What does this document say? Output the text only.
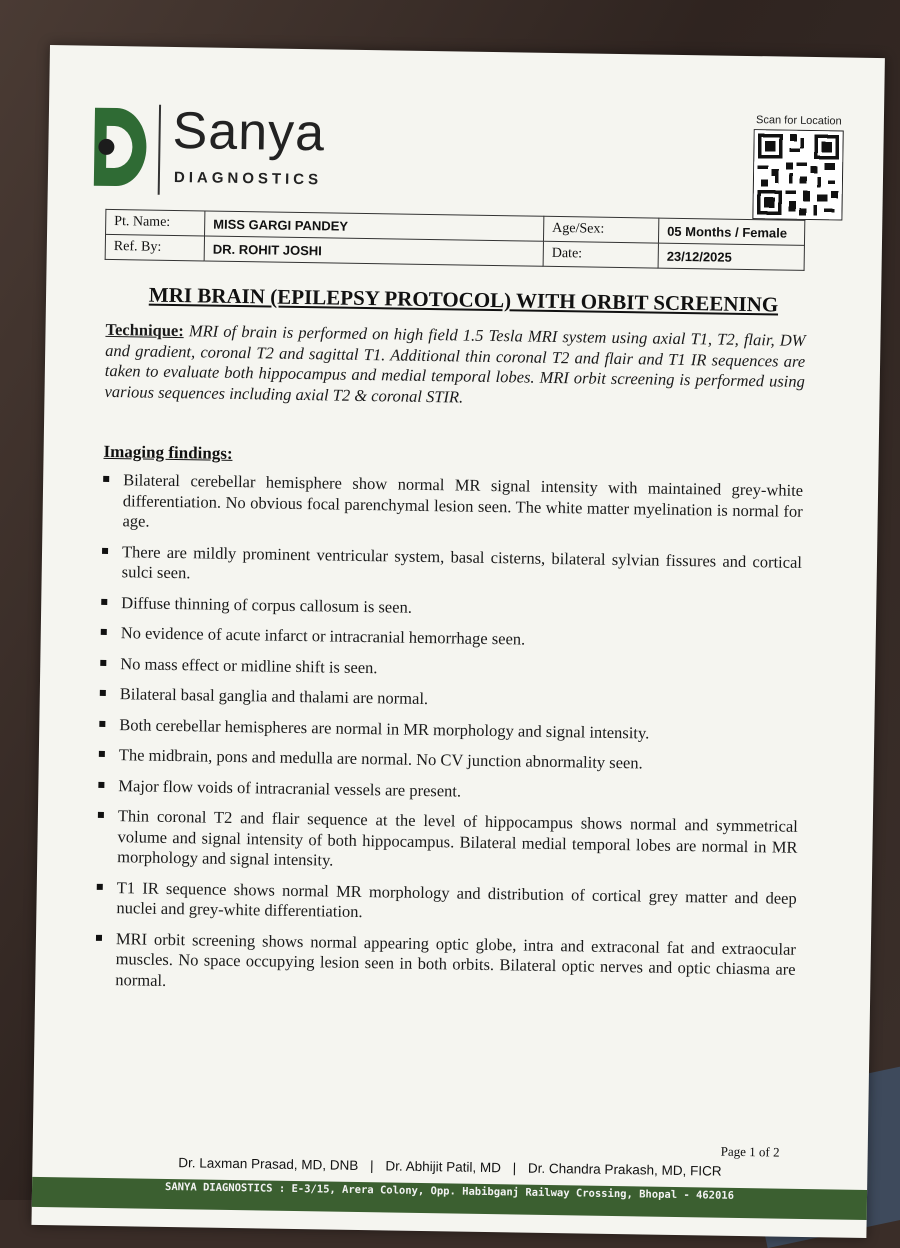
Sanya
DIAGNOSTICS
Scan for Location
Pt. Name:	MISS GARGI PANDEY	Age/Sex:	05 Months / Female
Ref. By:	DR. ROHIT JOSHI	Date:	23/12/2025
MRI BRAIN (EPILEPSY PROTOCOL) WITH ORBIT SCREENING
Technique: MRI of brain is performed on high field 1.5 Tesla MRI system using axial T1, T2, flair, DW and gradient, coronal T2 and sagittal T1. Additional thin coronal T2 and flair and T1 IR sequences are taken to evaluate both hippocampus and medial temporal lobes. MRI orbit screening is performed using various sequences including axial T2 & coronal STIR.
Imaging findings:
Bilateral cerebellar hemisphere show normal MR signal intensity with maintained grey-white differentiation. No obvious focal parenchymal lesion seen. The white matter myelination is normal for age.
There are mildly prominent ventricular system, basal cisterns, bilateral sylvian fissures and cortical sulci seen.
Diffuse thinning of corpus callosum is seen.
No evidence of acute infarct or intracranial hemorrhage seen.
No mass effect or midline shift is seen.
Bilateral basal ganglia and thalami are normal.
Both cerebellar hemispheres are normal in MR morphology and signal intensity.
The midbrain, pons and medulla are normal. No CV junction abnormality seen.
Major flow voids of intracranial vessels are present.
Thin coronal T2 and flair sequence at the level of hippocampus shows normal and symmetrical volume and signal intensity of both hippocampus. Bilateral medial temporal lobes are normal in MR morphology and signal intensity.
T1 IR sequence shows normal MR morphology and distribution of cortical grey matter and deep nuclei and grey-white differentiation.
MRI orbit screening shows normal appearing optic globe, intra and extraconal fat and extraocular muscles. No space occupying lesion seen in both orbits. Bilateral optic nerves and optic chiasma are normal.
Page 1 of 2
Dr. Laxman Prasad, MD, DNB | Dr. Abhijit Patil, MD | Dr. Chandra Prakash, MD, FICR
SANYA DIAGNOSTICS : E-3/15, Arera Colony, Opp. Habibganj Railway Crossing, Bhopal - 462016
